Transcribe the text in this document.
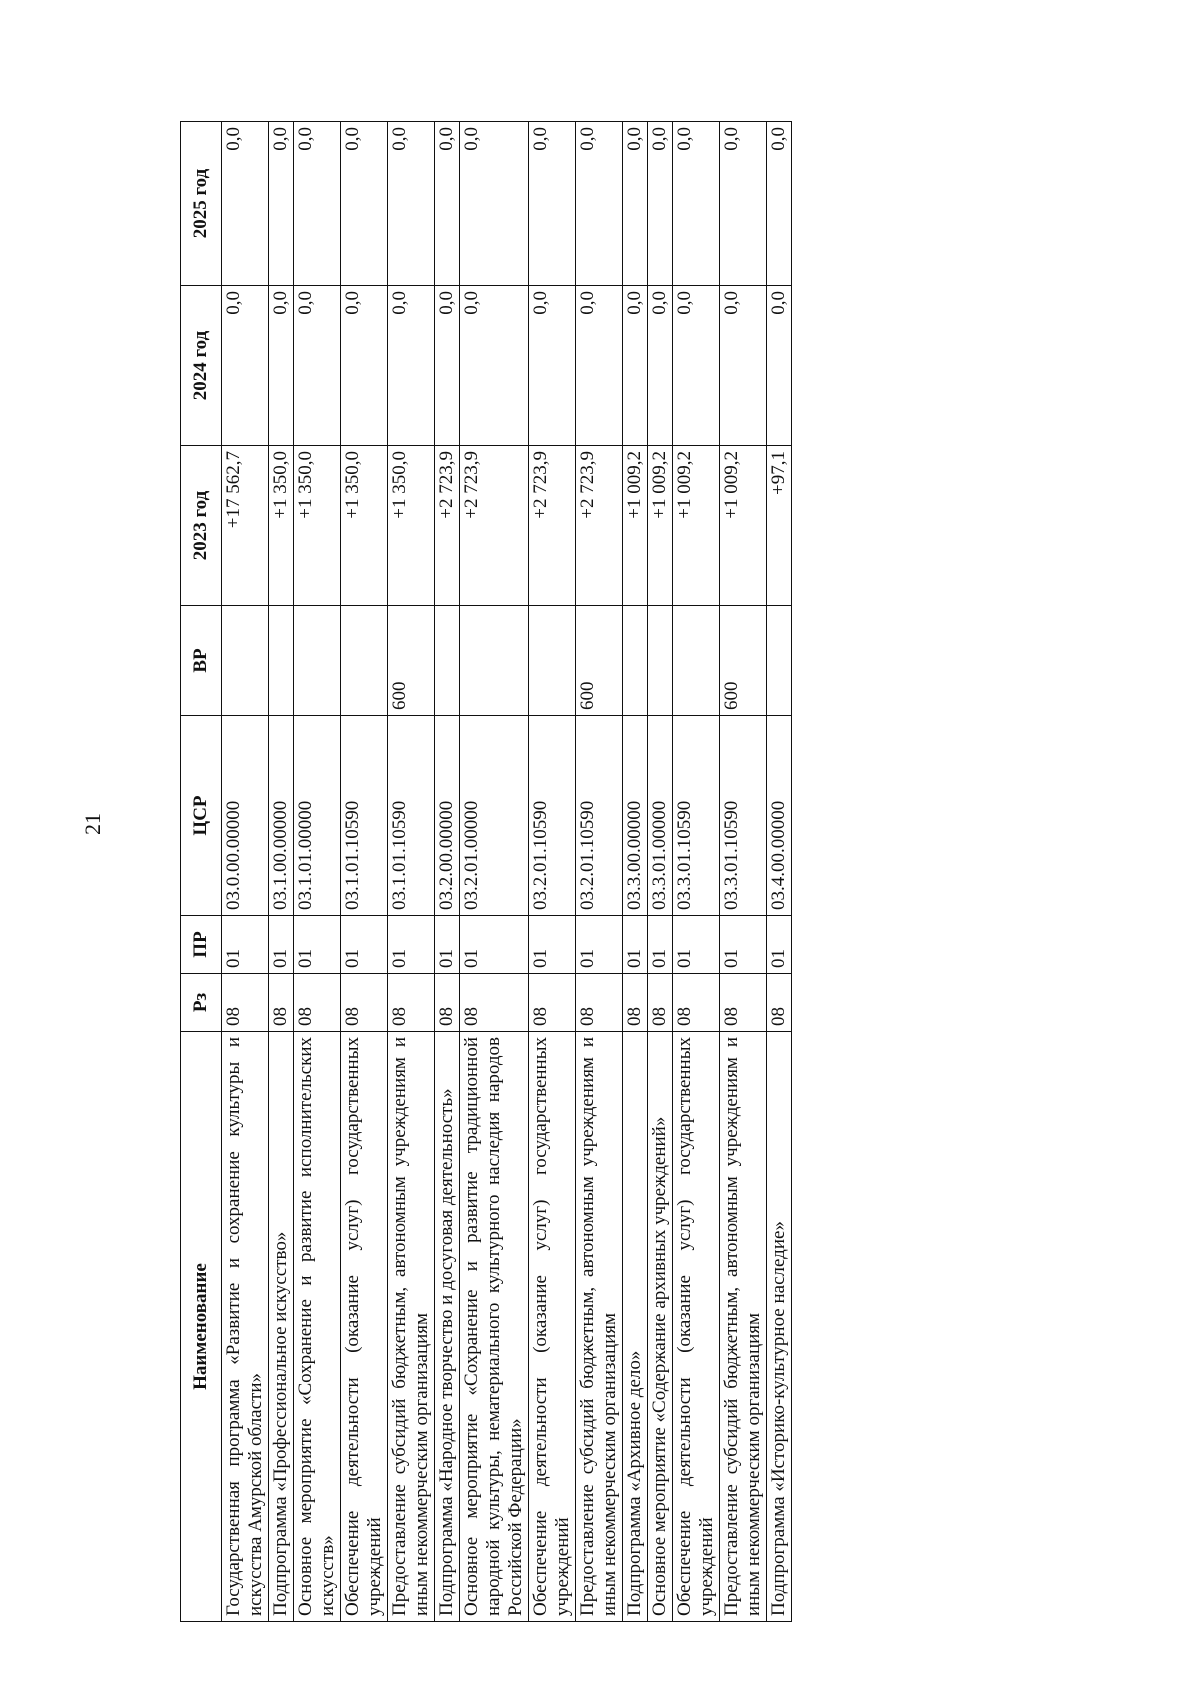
21
Наименование	Рз	ПР	ЦСР	ВР	2023 год	2024 год	2025 год
Государственная программа «Развитие и сохранение культуры и искусства Амурской области»	08	01	03.0.00.00000		+17 562,7	0,0	0,0
Подпрограмма «Профессиональное искусство»	08	01	03.1.00.00000		+1 350,0	0,0	0,0
Основное мероприятие «Сохранение и развитие исполнительских искусств»	08	01	03.1.01.00000		+1 350,0	0,0	0,0
Обеспечение деятельности (оказание услуг) государственных учреждений	08	01	03.1.01.10590		+1 350,0	0,0	0,0
Предоставление субсидий бюджетным, автономным учреждениям и иным некоммерческим организациям	08	01	03.1.01.10590	600	+1 350,0	0,0	0,0
Подпрограмма «Народное творчество и досуговая деятельность»	08	01	03.2.00.00000		+2 723,9	0,0	0,0
Основное мероприятие «Сохранение и развитие традиционной народной культуры, нематериального культурного наследия народов Российской Федерации»	08	01	03.2.01.00000		+2 723,9	0,0	0,0
Обеспечение деятельности (оказание услуг) государственных учреждений	08	01	03.2.01.10590		+2 723,9	0,0	0,0
Предоставление субсидий бюджетным, автономным учреждениям и иным некоммерческим организациям	08	01	03.2.01.10590	600	+2 723,9	0,0	0,0
Подпрограмма «Архивное дело»	08	01	03.3.00.00000		+1 009,2	0,0	0,0
Основное мероприятие «Содержание архивных учреждений»	08	01	03.3.01.00000		+1 009,2	0,0	0,0
Обеспечение деятельности (оказание услуг) государственных учреждений	08	01	03.3.01.10590		+1 009,2	0,0	0,0
Предоставление субсидий бюджетным, автономным учреждениям и иным некоммерческим организациям	08	01	03.3.01.10590	600	+1 009,2	0,0	0,0
Подпрограмма «Историко-культурное наследие»	08	01	03.4.00.00000		+97,1	0,0	0,0
